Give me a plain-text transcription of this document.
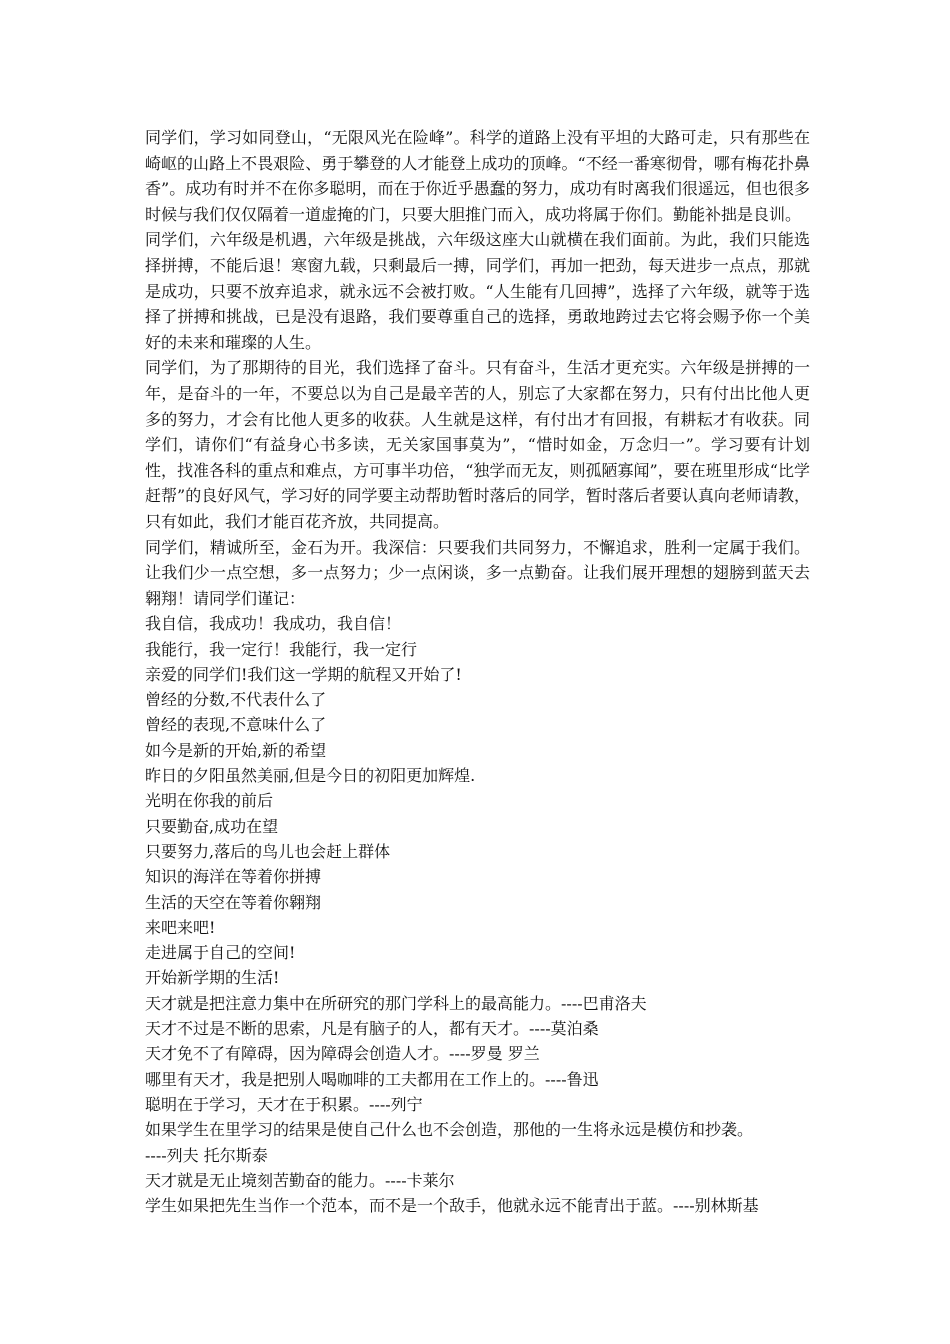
同学们，学习如同登山，“无限风光在险峰”。科学的道路上没有平坦的大路可走，只有那些在崎岖的山路上不畏艰险、勇于攀登的人才能登上成功的顶峰。“不经一番寒彻骨，哪有梅花扑鼻香”。成功有时并不在你多聪明，而在于你近乎愚蠢的努力，成功有时离我们很遥远，但也很多时候与我们仅仅隔着一道虚掩的门，只要大胆推门而入，成功将属于你们。勤能补拙是良训。

同学们，六年级是机遇，六年级是挑战，六年级这座大山就横在我们面前。为此，我们只能选择拼搏，不能后退！寒窗九载，只剩最后一搏，同学们，再加一把劲，每天进步一点点，那就是成功，只要不放弃追求，就永远不会被打败。“人生能有几回搏”，选择了六年级，就等于选择了拼搏和挑战，已是没有退路，我们要尊重自己的选择，勇敢地跨过去它将会赐予你一个美好的未来和璀璨的人生。

同学们，为了那期待的目光，我们选择了奋斗。只有奋斗，生活才更充实。六年级是拼搏的一年，是奋斗的一年，不要总以为自己是最辛苦的人，别忘了大家都在努力，只有付出比他人更多的努力，才会有比他人更多的收获。人生就是这样，有付出才有回报，有耕耘才有收获。同学们，请你们“有益身心书多读，无关家国事莫为”，“惜时如金，万念归一”。学习要有计划性，找准各科的重点和难点，方可事半功倍，“独学而无友，则孤陋寡闻”，要在班里形成“比学赶帮”的良好风气，学习好的同学要主动帮助暂时落后的同学，暂时落后者要认真向老师请教，只有如此，我们才能百花齐放，共同提高。

同学们，精诚所至，金石为开。我深信：只要我们共同努力，不懈追求，胜利一定属于我们。让我们少一点空想，多一点努力；少一点闲谈，多一点勤奋。让我们展开理想的翅膀到蓝天去翱翔！请同学们谨记：

我自信，我成功！我成功，我自信！

我能行，我一定行！我能行，我一定行

亲爱的同学们!我们这一学期的航程又开始了!

曾经的分数,不代表什么了

曾经的表现,不意味什么了

如今是新的开始,新的希望

昨日的夕阳虽然美丽,但是今日的初阳更加辉煌.

光明在你我的前后

只要勤奋,成功在望

只要努力,落后的鸟儿也会赶上群体

知识的海洋在等着你拼搏

生活的天空在等着你翱翔

来吧来吧!

走进属于自己的空间!

开始新学期的生活!

天才就是把注意力集中在所研究的那门学科上的最高能力。----巴甫洛夫

天才不过是不断的思索，凡是有脑子的人，都有天才。----莫泊桑

天才免不了有障碍，因为障碍会创造人才。----罗曼 罗兰

哪里有天才，我是把别人喝咖啡的工夫都用在工作上的。----鲁迅

聪明在于学习，天才在于积累。----列宁

如果学生在里学习的结果是使自己什么也不会创造，那他的一生将永远是模仿和抄袭。

----列夫 托尔斯泰

天才就是无止境刻苦勤奋的能力。----卡莱尔

学生如果把先生当作一个范本，而不是一个敌手，他就永远不能青出于蓝。----别林斯基
